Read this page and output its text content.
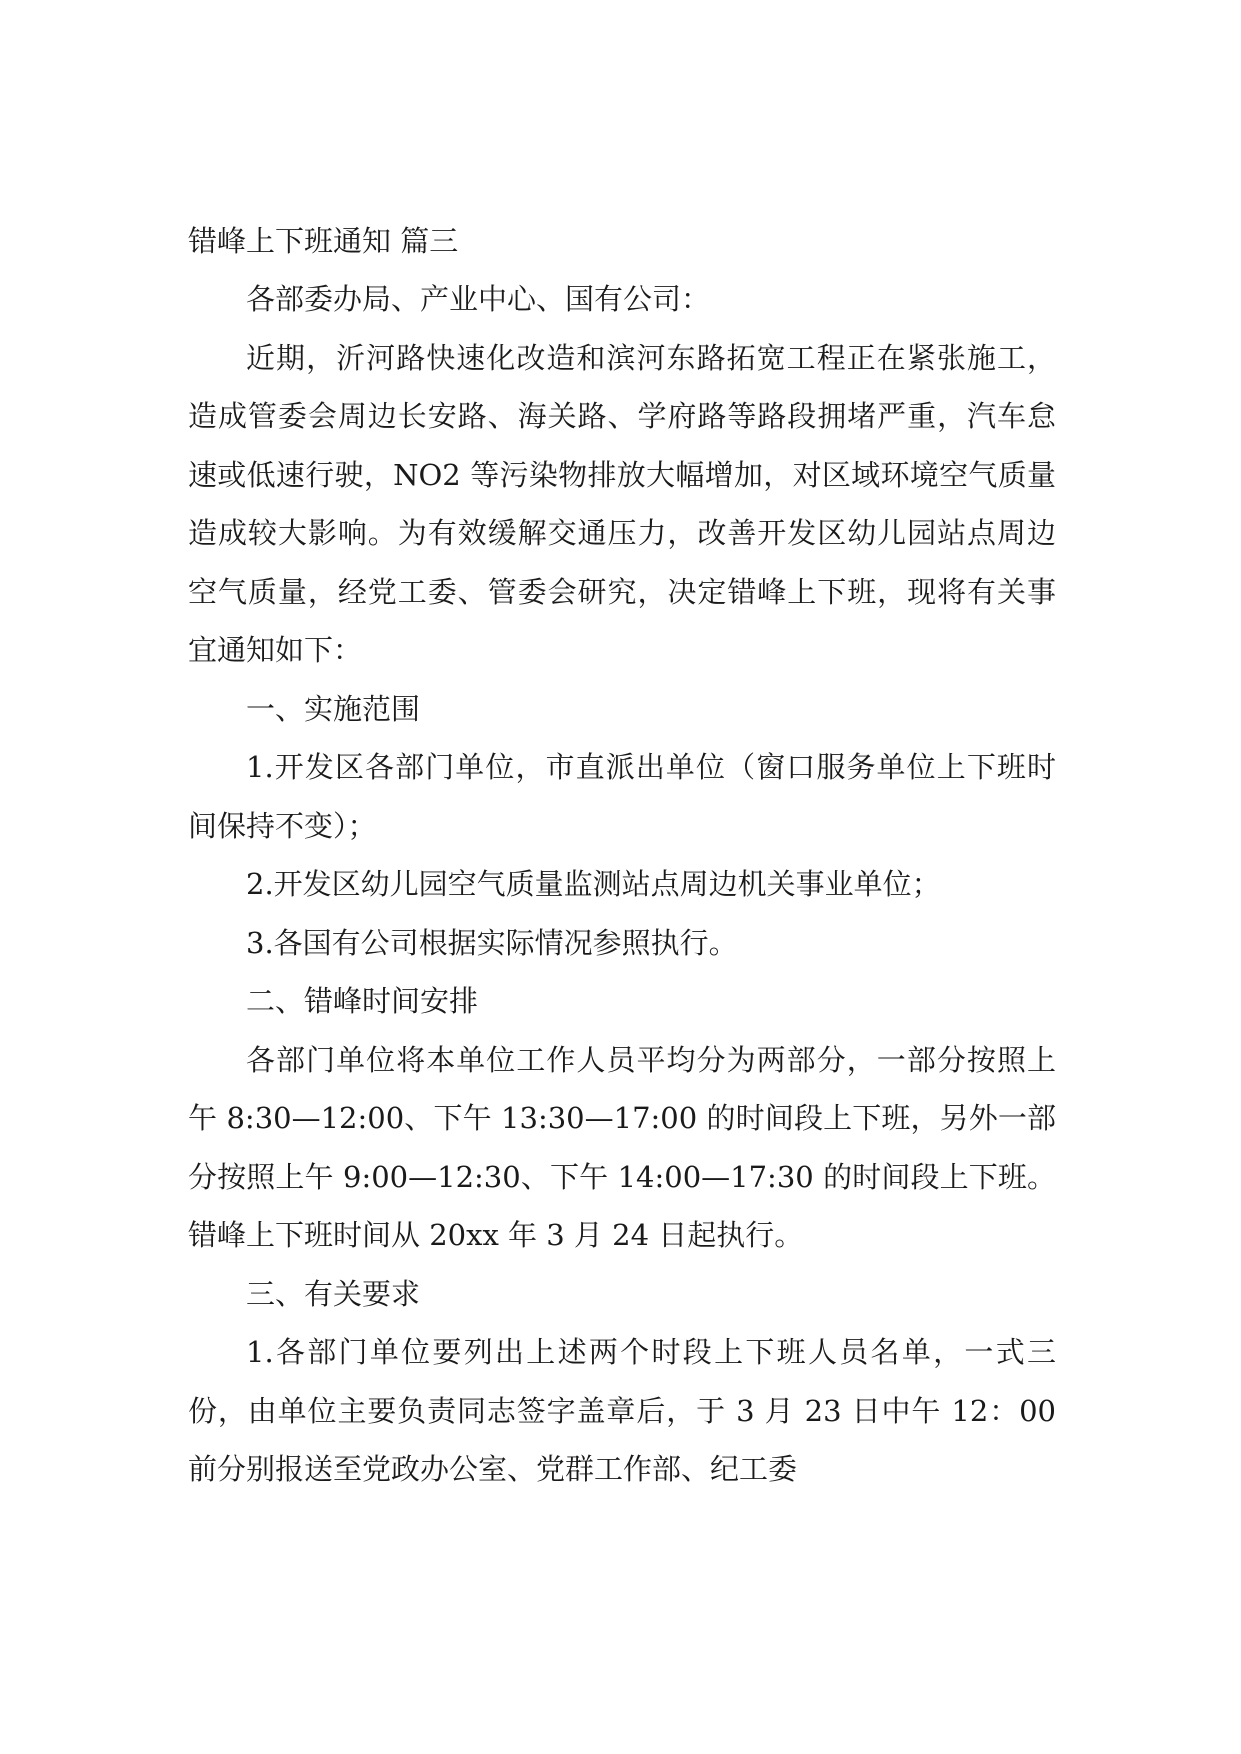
错峰上下班通知 篇三

各部委办局、产业中心、国有公司：

近期，沂河路快速化改造和滨河东路拓宽工程正在紧张施工，造成管委会周边长安路、海关路、学府路等路段拥堵严重，汽车怠速或低速行驶，NO2 等污染物排放大幅增加，对区域环境空气质量造成较大影响。为有效缓解交通压力，改善开发区幼儿园站点周边空气质量，经党工委、管委会研究，决定错峰上下班，现将有关事宜通知如下：

一、实施范围

1.开发区各部门单位，市直派出单位（窗口服务单位上下班时间保持不变）；

2.开发区幼儿园空气质量监测站点周边机关事业单位；

3.各国有公司根据实际情况参照执行。

二、错峰时间安排

各部门单位将本单位工作人员平均分为两部分，一部分按照上午 8:30—12:00、下午 13:30—17:00 的时间段上下班，另外一部分按照上午 9:00—12:30、下午 14:00—17:30 的时间段上下班。错峰上下班时间从 20xx 年 3 月 24 日起执行。

三、有关要求

1.各部门单位要列出上述两个时段上下班人员名单，一式三份，由单位主要负责同志签字盖章后，于 3 月 23 日中午 12：00 前分别报送至党政办公室、党群工作部、纪工委
